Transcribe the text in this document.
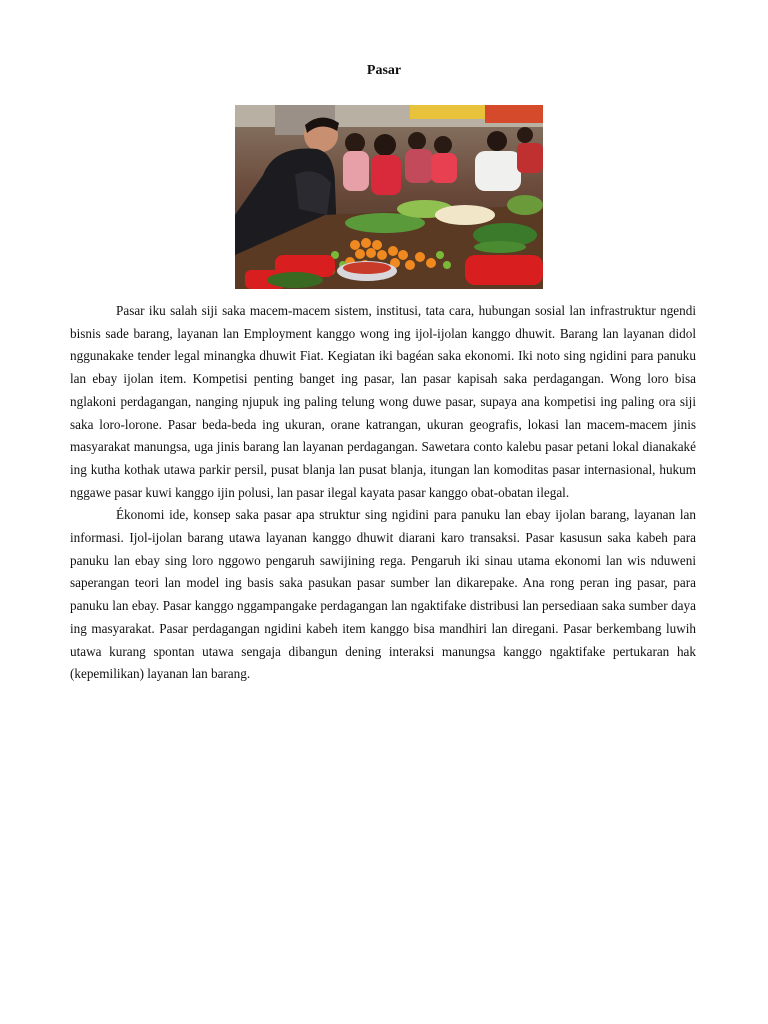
Pasar

Pasar iku salah siji saka macem-macem sistem, institusi, tata cara, hubungan sosial lan infrastruktur ngendi bisnis sade barang, layanan lan Employment kanggo wong ing ijol-ijolan kanggo dhuwit. Barang lan layanan didol nggunakake tender legal minangka dhuwit Fiat. Kegiatan iki bagéan saka ekonomi. Iki noto sing ngidini para panuku lan ebay ijolan item. Kompetisi penting banget ing pasar, lan pasar kapisah saka perdagangan. Wong loro bisa nglakoni perdagangan, nanging njupuk ing paling telung wong duwe pasar, supaya ana kompetisi ing paling ora siji saka loro-lorone. Pasar beda-beda ing ukuran, orane katrangan, ukuran geografis, lokasi lan macem-macem jinis masyarakat manungsa, uga jinis barang lan layanan perdagangan. Sawetara conto kalebu pasar petani lokal dianakaké ing kutha kothak utawa parkir persil, pusat blanja lan pusat blanja, itungan lan komoditas pasar internasional, hukum nggawe pasar kuwi kanggo ijin polusi, lan pasar ilegal kayata pasar kanggo obat-obatan ilegal.

Ékonomi ide, konsep saka pasar apa struktur sing ngidini para panuku lan ebay ijolan barang, layanan lan informasi. Ijol-ijolan barang utawa layanan kanggo dhuwit diarani karo transaksi. Pasar kasusun saka kabeh para panuku lan ebay sing loro nggowo pengaruh sawijining rega. Pengaruh iki sinau utama ekonomi lan wis nduweni saperangan teori lan model ing basis saka pasukan pasar sumber lan dikarepake. Ana rong peran ing pasar, para panuku lan ebay. Pasar kanggo nggampangake perdagangan lan ngaktifake distribusi lan persediaan saka sumber daya ing masyarakat. Pasar perdagangan ngidini kabeh item kanggo bisa mandhiri lan diregani. Pasar berkembang luwih utawa kurang spontan utawa sengaja dibangun dening interaksi manungsa kanggo ngaktifake pertukaran hak (kepemilikan) layanan lan barang.
